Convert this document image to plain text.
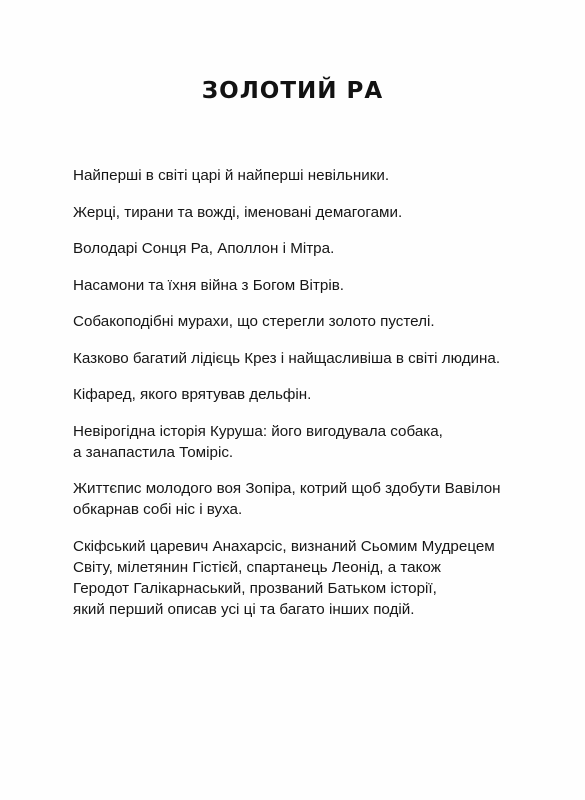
ЗОЛОТИЙ РА

Найперші в світі царі й найперші невільники.

Жерці, тирани та вожді, іменовані демагогами.

Володарі Сонця Ра, Аполлон і Мітра.

Насамони та їхня війна з Богом Вітрів.

Собакоподібні мурахи, що стерегли золото пустелі.

Казково багатий лідієць Крез і найщасливіша в світі людина.

Кіфаред, якого врятував дельфін.

Невірогідна історія Куруша: його вигодувала собака,
а занапастила Томіріс.

Життєпис молодого воя Зопіра, котрий щоб здобути Вавілон
обкарнав собі ніс і вуха.

Скіфський царевич Анахарсіс, визнаний Сьомим Мудрецем
Світу, мілетянин Гістієй, спартанець Леонід, а також
Геродот Галікарнаський, прозваний Батьком історії,
який перший описав усі ці та багато інших подій.
